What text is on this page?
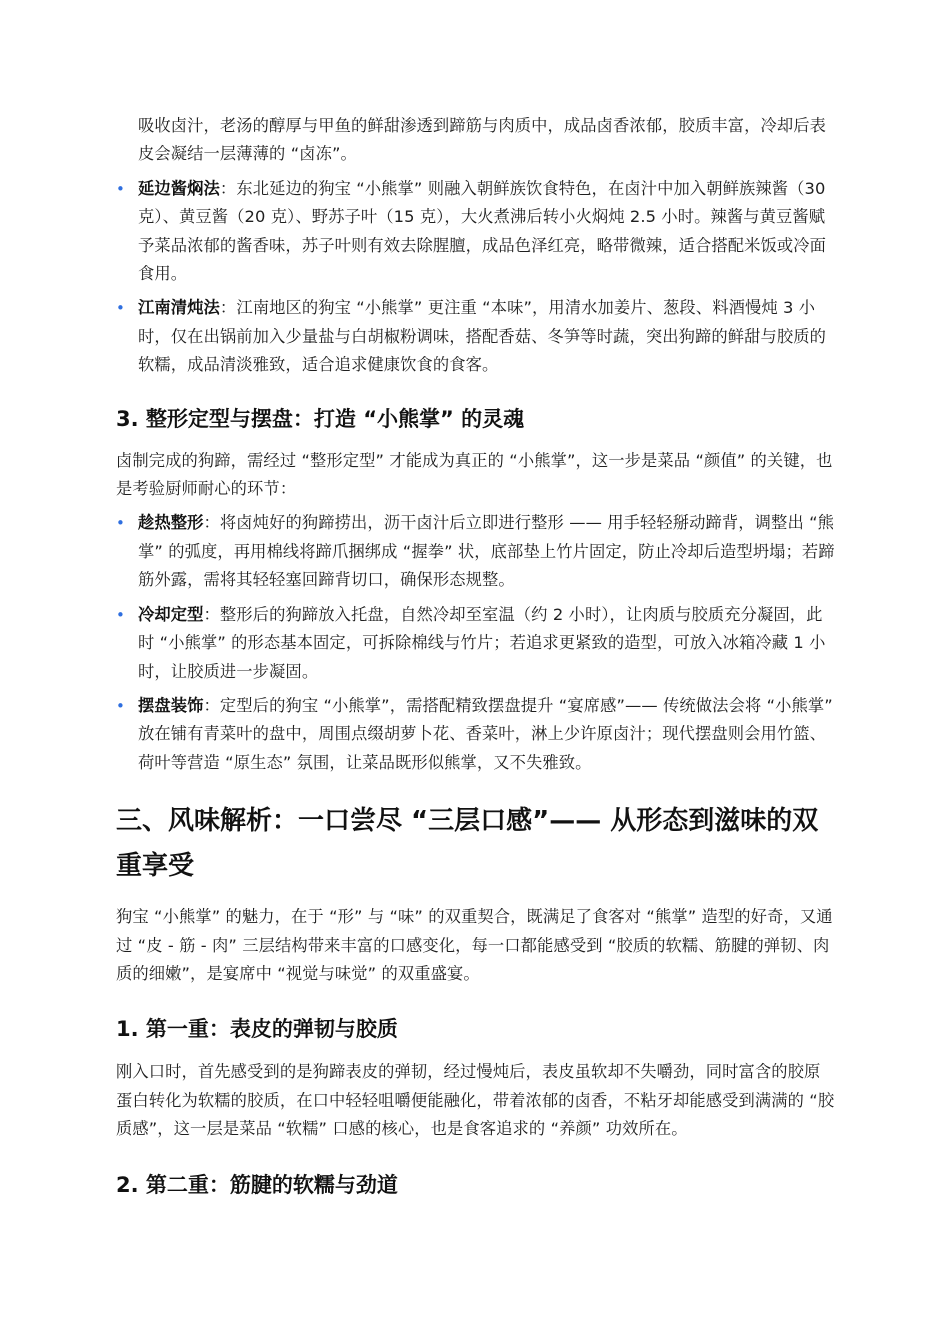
吸收卤汁，老汤的醇厚与甲鱼的鲜甜渗透到蹄筋与肉质中，成品卤香浓郁，胶质丰富，冷却后表皮会凝结一层薄薄的 “卤冻”。

• 延边酱焖法：东北延边的狗宝 “小熊掌” 则融入朝鲜族饮食特色，在卤汁中加入朝鲜族辣酱（30 克）、黄豆酱（20 克）、野苏子叶（15 克），大火煮沸后转小火焖炖 2.5 小时。辣酱与黄豆酱赋予菜品浓郁的酱香味，苏子叶则有效去除腥膻，成品色泽红亮，略带微辣，适合搭配米饭或冷面食用。
• 江南清炖法：江南地区的狗宝 “小熊掌” 更注重 “本味”，用清水加姜片、葱段、料酒慢炖 3 小时，仅在出锅前加入少量盐与白胡椒粉调味，搭配香菇、冬笋等时蔬，突出狗蹄的鲜甜与胶质的软糯，成品清淡雅致，适合追求健康饮食的食客。
3. 整形定型与摆盘：打造 “小熊掌” 的灵魂

卤制完成的狗蹄，需经过 “整形定型” 才能成为真正的 “小熊掌”，这一步是菜品 “颜值” 的关键，也是考验厨师耐心的环节：

• 趁热整形：将卤炖好的狗蹄捞出，沥干卤汁后立即进行整形 —— 用手轻轻掰动蹄背，调整出 “熊掌” 的弧度，再用棉线将蹄爪捆绑成 “握拳” 状，底部垫上竹片固定，防止冷却后造型坍塌；若蹄筋外露，需将其轻轻塞回蹄背切口，确保形态规整。
• 冷却定型：整形后的狗蹄放入托盘，自然冷却至室温（约 2 小时），让肉质与胶质充分凝固，此时 “小熊掌” 的形态基本固定，可拆除棉线与竹片；若追求更紧致的造型，可放入冰箱冷藏 1 小时，让胶质进一步凝固。
• 摆盘装饰：定型后的狗宝 “小熊掌”，需搭配精致摆盘提升 “宴席感”—— 传统做法会将 “小熊掌” 放在铺有青菜叶的盘中，周围点缀胡萝卜花、香菜叶，淋上少许原卤汁；现代摆盘则会用竹篮、荷叶等营造 “原生态” 氛围，让菜品既形似熊掌，又不失雅致。
三、风味解析：一口尝尽 “三层口感”—— 从形态到滋味的双重享受

狗宝 “小熊掌” 的魅力，在于 “形” 与 “味” 的双重契合，既满足了食客对 “熊掌” 造型的好奇，又通过 “皮 - 筋 - 肉” 三层结构带来丰富的口感变化，每一口都能感受到 “胶质的软糯、筋腱的弹韧、肉质的细嫩”，是宴席中 “视觉与味觉” 的双重盛宴。

1. 第一重：表皮的弹韧与胶质

刚入口时，首先感受到的是狗蹄表皮的弹韧，经过慢炖后，表皮虽软却不失嚼劲，同时富含的胶原蛋白转化为软糯的胶质，在口中轻轻咀嚼便能融化，带着浓郁的卤香，不粘牙却能感受到满满的 “胶质感”，这一层是菜品 “软糯” 口感的核心，也是食客追求的 “养颜” 功效所在。

2. 第二重：筋腱的软糯与劲道
